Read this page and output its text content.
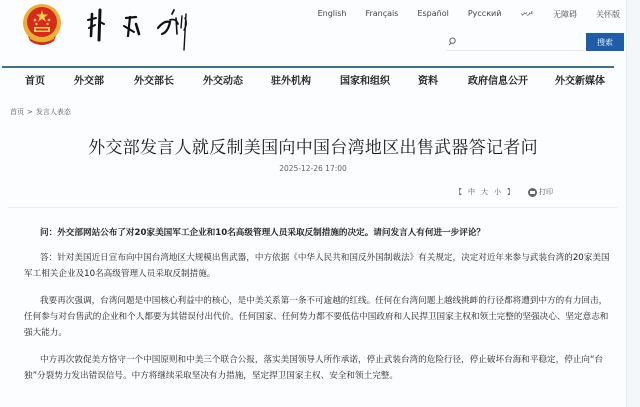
English Français Español Русский	عربي 无障碍 关怀版
搜索
首页	外交部	外交部长	外交动态	驻外机构	国家和组织	资料	政府信息公开	外交新媒体
首页 > 发言人表态
外交部发言人就反制美国向中国台湾地区出售武器答记者问
2025-12-26 17:00
【 中 大 小 】	打印

问：外交部网站公布了对20家美国军工企业和10名高级管理人员采取反制措施的决定。请问发言人有何进一步评论？

答：针对美国近日宣布向中国台湾地区大规模出售武器，中方依据《中华人民共和国反外国制裁法》有关规定，决定对近年来参与武装台湾的20家美国军工相关企业及10名高级管理人员采取反制措施。

我要再次强调，台湾问题是中国核心利益中的核心，是中美关系第一条不可逾越的红线。任何在台湾问题上越线挑衅的行径都将遭到中方的有力回击，任何参与对台售武的企业和个人都要为其错误付出代价。任何国家、任何势力都不要低估中国政府和人民捍卫国家主权和领土完整的坚强决心、坚定意志和强大能力。

中方再次敦促美方恪守一个中国原则和中美三个联合公报，落实美国领导人所作承诺，停止武装台湾的危险行径，停止破坏台海和平稳定，停止向“台独”分裂势力发出错误信号。中方将继续采取坚决有力措施，坚定捍卫国家主权、安全和领土完整。
